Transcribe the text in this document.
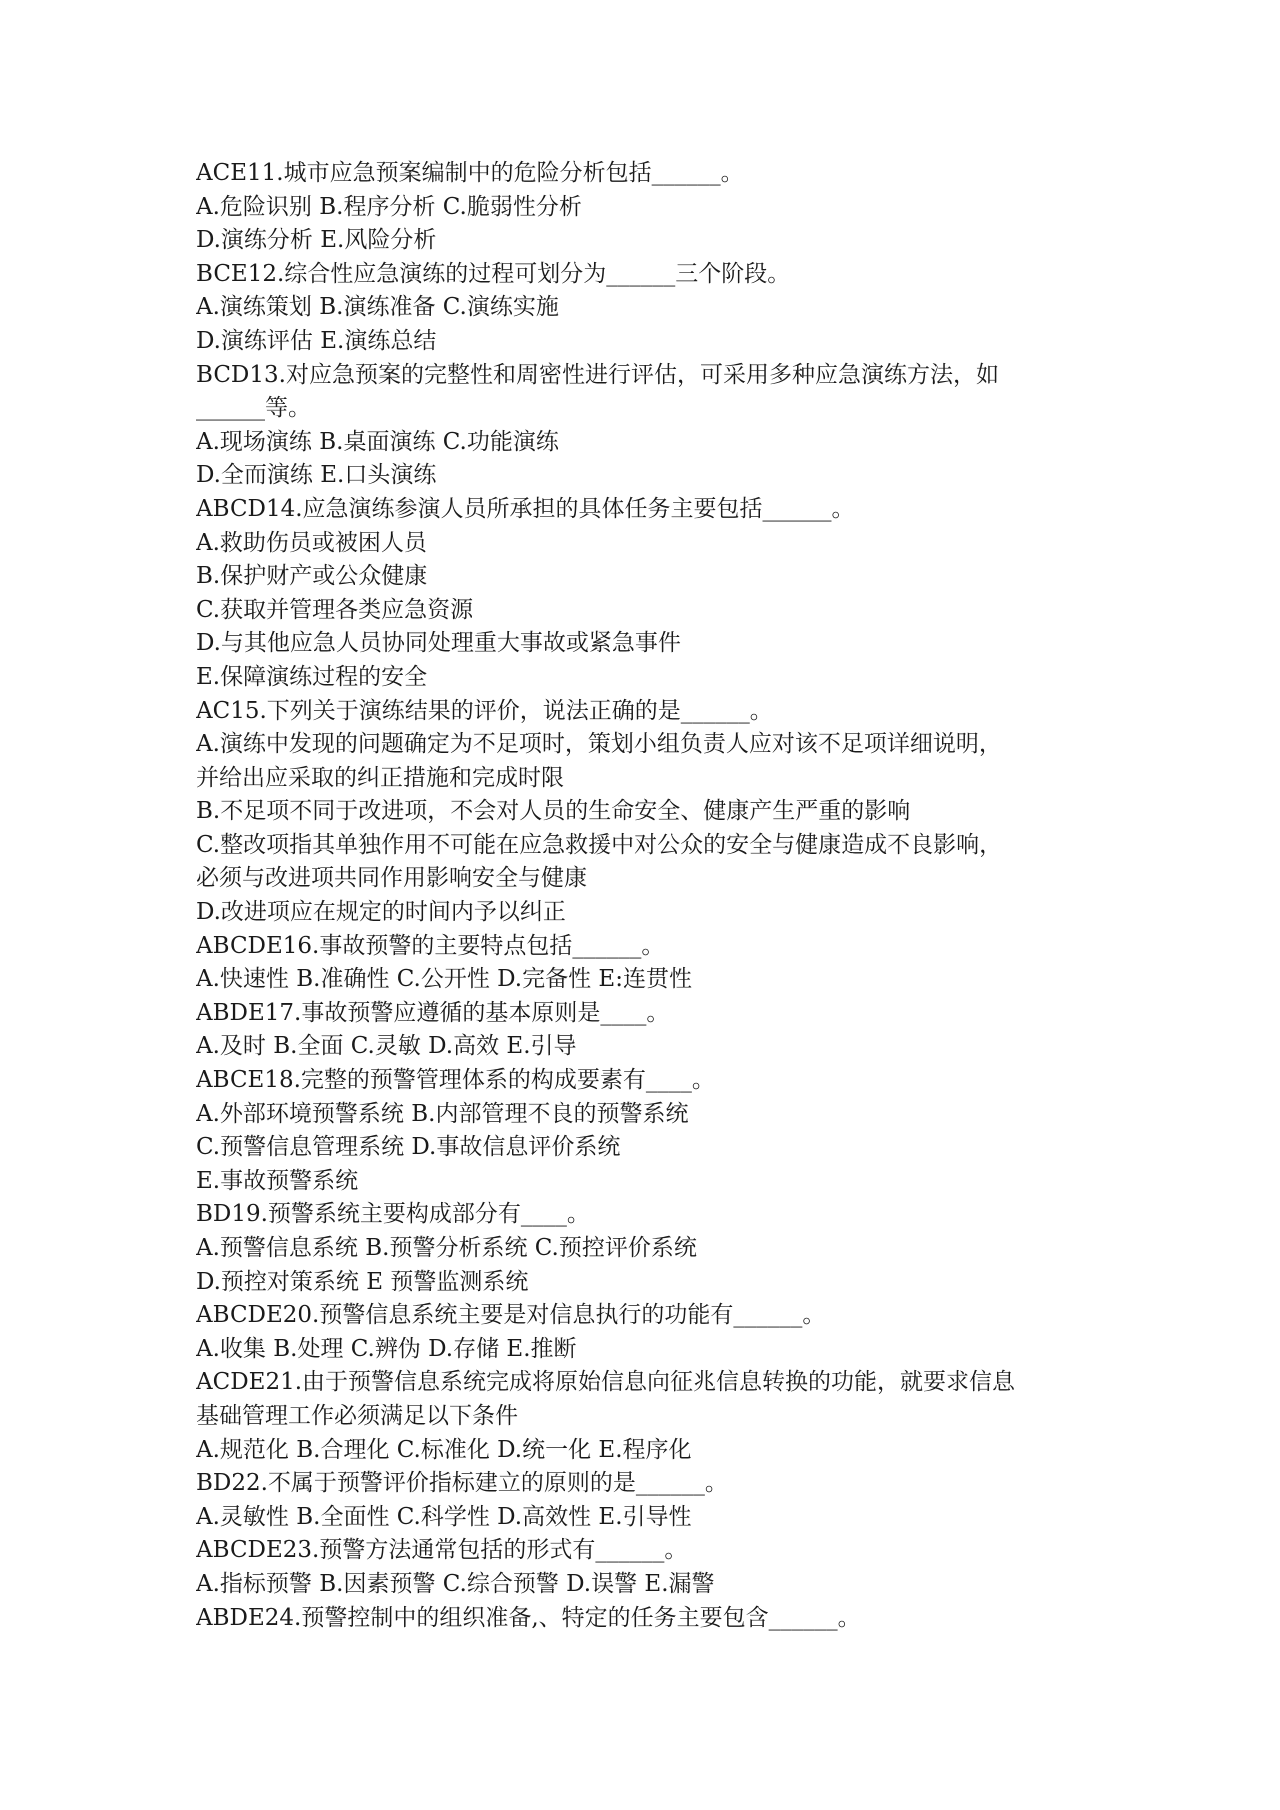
ACE11.城市应急预案编制中的危险分析包括______。
A.危险识别 B.程序分析 C.脆弱性分析
D.演练分析 E.风险分析
BCE12.综合性应急演练的过程可划分为______三个阶段。
A.演练策划 B.演练准备 C.演练实施
D.演练评估 E.演练总结
BCD13.对应急预案的完整性和周密性进行评估，可采用多种应急演练方法，如
______等。
A.现场演练 B.桌面演练 C.功能演练
D.全而演练 E.口头演练
ABCD14.应急演练参演人员所承担的具体任务主要包括______。
A.救助伤员或被困人员
B.保护财产或公众健康
C.获取并管理各类应急资源
D.与其他应急人员协同处理重大事故或紧急事件
E.保障演练过程的安全
AC15.下列关于演练结果的评价，说法正确的是______。
A.演练中发现的问题确定为不足项时，策划小组负责人应对该不足项详细说明，
并给出应采取的纠正措施和完成时限
B.不足项不同于改进项，不会对人员的生命安全、健康产生严重的影响
C.整改项指其单独作用不可能在应急救援中对公众的安全与健康造成不良影响，
必须与改进项共同作用影响安全与健康
D.改进项应在规定的时间内予以纠正
ABCDE16.事故预警的主要特点包括______。
A.快速性 B.准确性 C.公开性 D.完备性 E:连贯性
ABDE17.事故预警应遵循的基本原则是____。
A.及时 B.全面 C.灵敏 D.高效 E.引导
ABCE18.完整的预警管理体系的构成要素有____。
A.外部环境预警系统 B.内部管理不良的预警系统
C.预警信息管理系统 D.事故信息评价系统
E.事故预警系统
BD19.预警系统主要构成部分有____。
A.预警信息系统 B.预警分析系统 C.预控评价系统
D.预控对策系统 E 预警监测系统
ABCDE20.预警信息系统主要是对信息执行的功能有______。
A.收集 B.处理 C.辨伪 D.存储 E.推断
ACDE21.由于预警信息系统完成将原始信息向征兆信息转换的功能，就要求信息
基础管理工作必须满足以下条件
A.规范化 B.合理化 C.标准化 D.统一化 E.程序化
BD22.不属于预警评价指标建立的原则的是______。
A.灵敏性 B.全面性 C.科学性 D.高效性 E.引导性
ABCDE23.预警方法通常包括的形式有______。
A.指标预警 B.因素预警 C.综合预警 D.误警 E.漏警
ABDE24.预警控制中的组织准备,、特定的任务主要包含______。
